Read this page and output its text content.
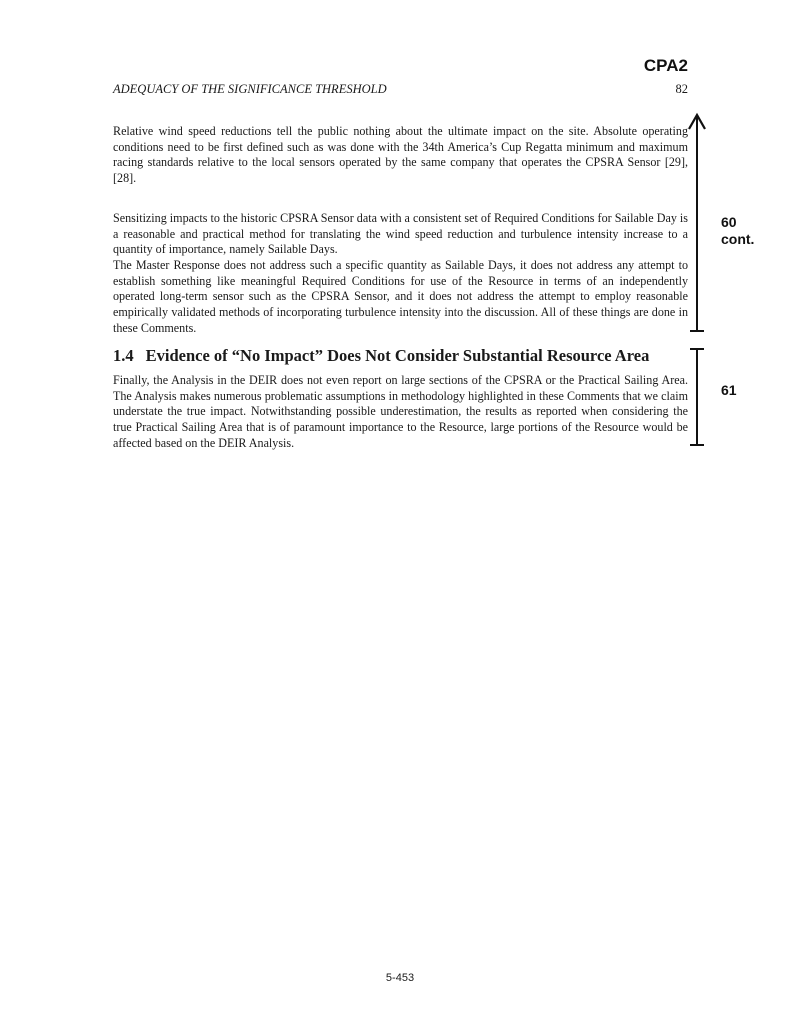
CPA2
ADEQUACY OF THE SIGNIFICANCE THRESHOLD	82

Relative wind speed reductions tell the public nothing about the ultimate impact on the site. Absolute operating conditions need to be first defined such as was done with the 34th America’s Cup Regatta minimum and maximum racing standards relative to the local sensors operated by the same company that operates the CPSRA Sensor [29], [28].

Sensitizing impacts to the historic CPSRA Sensor data with a consistent set of Required Conditions for Sailable Day is a reasonable and practical method for translating the wind speed reduction and turbulence intensity increase to a quantity of importance, namely Sailable Days.

The Master Response does not address such a specific quantity as Sailable Days, it does not address any attempt to establish something like meaningful Required Conditions for use of the Resource in terms of an independently operated long-term sensor such as the CPSRA Sensor, and it does not address the attempt to employ reasonable empirically validated methods of incorporating turbulence intensity into the discussion. All of these things are done in these Comments.

1.4 Evidence of “No Impact” Does Not Consider Substantial Resource Area

Finally, the Analysis in the DEIR does not even report on large sections of the CPSRA or the Practical Sailing Area. The Analysis makes numerous problematic assumptions in methodology highlighted in these Comments that we claim understate the true impact. Notwithstanding possible underestimation, the results as reported when considering the true Practical Sailing Area that is of paramount importance to the Resource, large portions of the Resource would be affected based on the DEIR Analysis.

60
cont.
61
5-453
